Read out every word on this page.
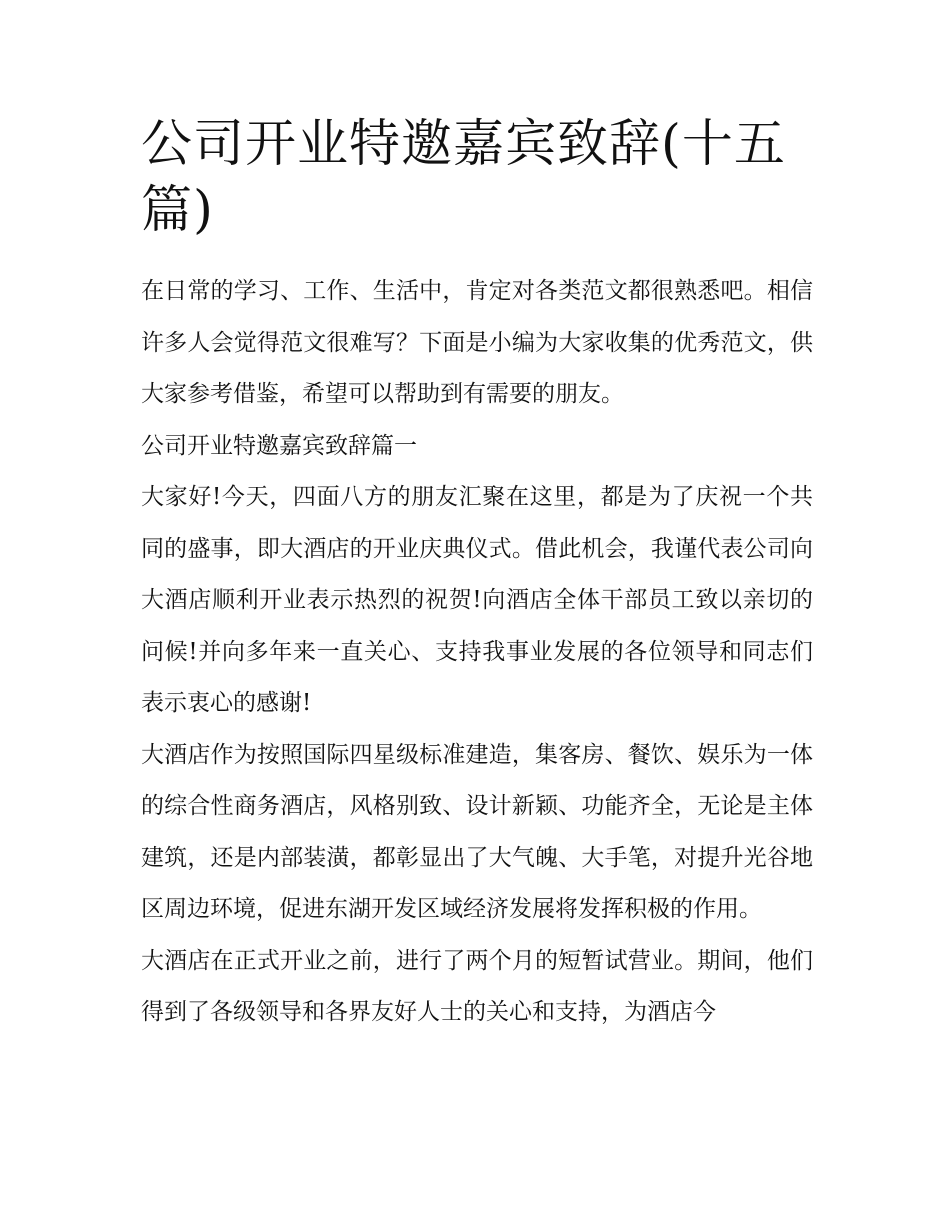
公司开业特邀嘉宾致辞(十五篇)

在日常的学习、工作、生活中，肯定对各类范文都很熟悉吧。相信许多人会觉得范文很难写？下面是小编为大家收集的优秀范文，供大家参考借鉴，希望可以帮助到有需要的朋友。

公司开业特邀嘉宾致辞篇一

大家好!今天，四面八方的朋友汇聚在这里，都是为了庆祝一个共同的盛事，即大酒店的开业庆典仪式。借此机会，我谨代表公司向大酒店顺利开业表示热烈的祝贺!向酒店全体干部员工致以亲切的问候!并向多年来一直关心、支持我事业发展的各位领导和同志们表示衷心的感谢!

大酒店作为按照国际四星级标准建造，集客房、餐饮、娱乐为一体的综合性商务酒店，风格别致、设计新颖、功能齐全，无论是主体建筑，还是内部装潢，都彰显出了大气魄、大手笔，对提升光谷地区周边环境，促进东湖开发区域经济发展将发挥积极的作用。

大酒店在正式开业之前，进行了两个月的短暂试营业。期间，他们得到了各级领导和各界友好人士的关心和支持，为酒店今
